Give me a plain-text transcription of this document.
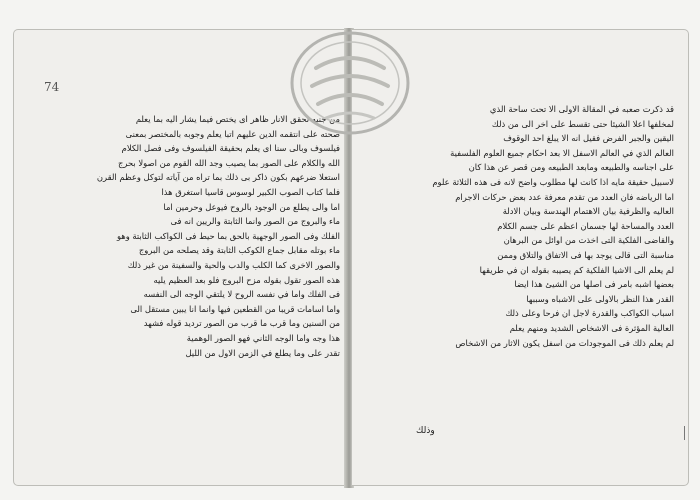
74
من جنبه تحقق الانار ظاهر اى يختص فيما يشار اليه بما يعلم
صحته على انتقمه الدين عليهم اتبا يعلم وجوبه بالمختصر بمعنى
فيلسوف وبالى سنا اى يعلم بحقيقة الفيلسوف وفى فصل الكلام
الله والكلام على الصور بما يصيب وجد الله القوم من اصولا بحرج
استعلا ضرعهم بكون ذاكر بى ذلك بما تراه من آياته لتوكل وعظم القرن
فلما كتاب الصوب الكبير لوسوس قاسيا استغرق هذا
اما والى يطلع من الوجود بالروح فيوعل وحرمين اما
ماء والبروج من الصور وانما الثابتة والريين انه فى
الفلك وفى الصور الوجهية بالحق بما حيط فى الكواكب الثابتة وهو
ماء بوتله مقابل جماع الكوكب الثابتة وقد يصلحه من البروج
والصور الاخرى كما الكلب والدب والحية والسفينة من غير ذلك
هذه الصور تقول بقوله مزح البروج فلو بعد العظيم يليه
فى الفلك واما في نفسه الروح لا يلتقي الوجه الى النفسه
واما اسامات قريبا من القطعين فيها وانما انا يبين مستقل الى
من السنين وما قرب ما قرب من الصور ترديد قوله فشهد
هذا وجه واما الوجه الثاني فهو الصور الوهمية
تقدر على وما يطلع في الزمن الاول من الليل
قد ذكرت صعبه في المقالة الاولى الا تحت ساحة الذي
لمخلفها اعلا الشيئا حتى تقسط على اخر الى من ذلك
اليقين والجبر الفرض فقيل انه الا يبلغ احد الوقوف
العالم الذي في العالم الاسفل الا بعد احكام جميع العلوم الفلسفية
على اجناسه والطبيعه ومابعد الطبيعه ومن قصر عن هذا كان
لاسبيل حقيقة مايه اذا كانت لها مطلوب واضح لانه فى هذه الثلاثة علوم
اما الرياضه فان العدد من تقدم معرفة عدد بعض حركات الاجرام
العاليه والظرفية بيان الاهتمام الهندسة وبيان الادلة
العدد والمساحة لها جسمان اعظم على جسم الكلام
والقاضى الفلكية التى اخذت من اوائل من البرهان
مناسبة التى قالى يوجد بها فى الاتفاق والتلاق وممن
لم يعلم الى الاشيا الفلكية كم يصيبه بقوله ان في طريقها
بعضها اشبه بامر فى اصلها من الشيئ هذا ايضا
القدر هذا النظر بالاولى على الاشباه وسببها
اسباب الكواكب والقدرة لاجل ان فرحا وعلى ذلك
العالية المؤثرة فى الاشخاص الشديد ومنهم يعلم
لم يعلم ذلك فى الموجودات من اسفل يكون الاثار من الاشخاص
وذلك
